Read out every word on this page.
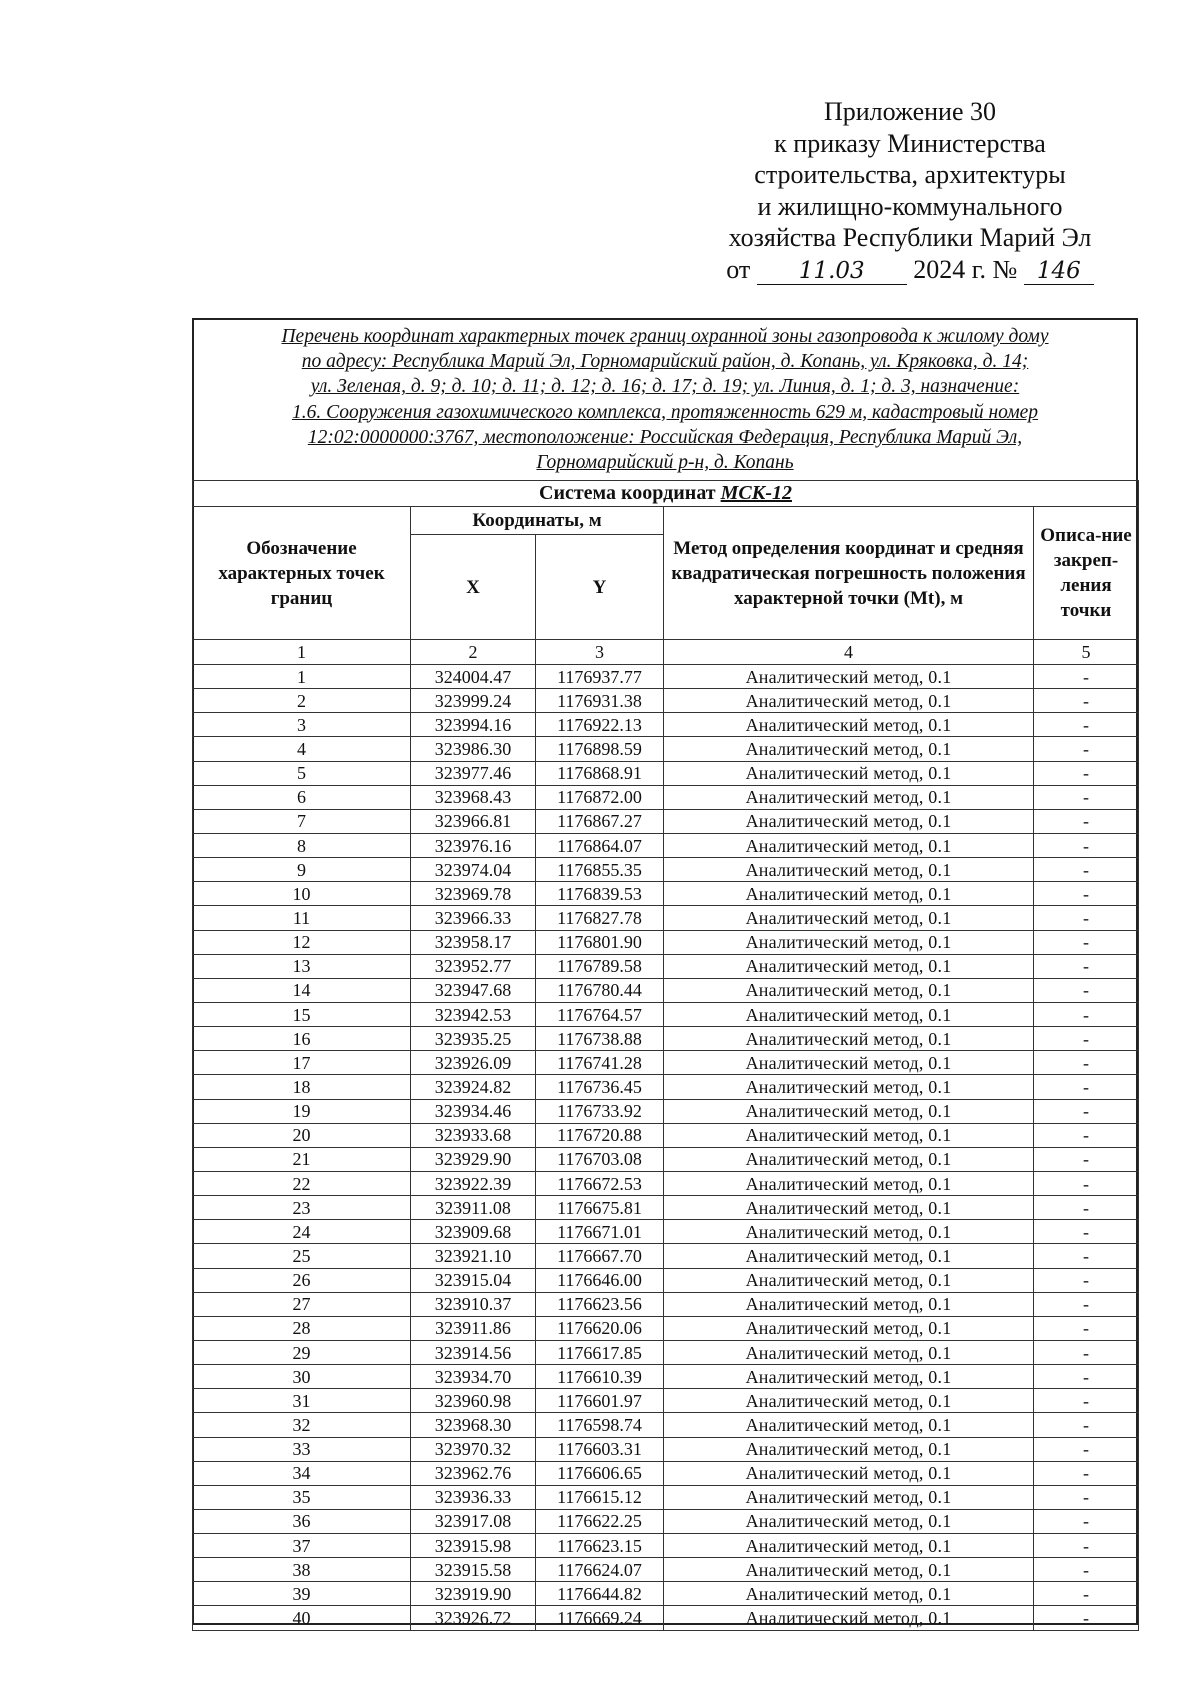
Приложение 30
к приказу Министерства
строительства, архитектуры
и жилищно-коммунального
хозяйства Республики Марий Эл
от 11.03 2024 г. № 146
Перечень координат характерных точек границ охранной зоны газопровода к жилому дому
по адресу: Республика Марий Эл, Горномарийский район, д. Копань, ул. Кряковка, д. 14;
ул. Зеленая, д. 9; д. 10; д. 11; д. 12; д. 16; д. 17; д. 19; ул. Линия, д. 1; д. 3, назначение:
1.6. Сооружения газохимического комплекса, протяженность 629 м, кадастровый номер
12:02:0000000:3767, местоположение: Российская Федерация, Республика Марий Эл,
Горномарийский р-н, д. Копань
Система координат МСК-12				
Обозначение характерных точек границ	Координаты, м		Метод определения координат и средняя квадратическая погрешность положения характерной точки (Mt), м	Описа-ние закреп-ления точки
	X	Y		
1	2	3	4	5
1	324004.47	1176937.77	Аналитический метод, 0.1	-
2	323999.24	1176931.38	Аналитический метод, 0.1	-
3	323994.16	1176922.13	Аналитический метод, 0.1	-
4	323986.30	1176898.59	Аналитический метод, 0.1	-
5	323977.46	1176868.91	Аналитический метод, 0.1	-
6	323968.43	1176872.00	Аналитический метод, 0.1	-
7	323966.81	1176867.27	Аналитический метод, 0.1	-
8	323976.16	1176864.07	Аналитический метод, 0.1	-
9	323974.04	1176855.35	Аналитический метод, 0.1	-
10	323969.78	1176839.53	Аналитический метод, 0.1	-
11	323966.33	1176827.78	Аналитический метод, 0.1	-
12	323958.17	1176801.90	Аналитический метод, 0.1	-
13	323952.77	1176789.58	Аналитический метод, 0.1	-
14	323947.68	1176780.44	Аналитический метод, 0.1	-
15	323942.53	1176764.57	Аналитический метод, 0.1	-
16	323935.25	1176738.88	Аналитический метод, 0.1	-
17	323926.09	1176741.28	Аналитический метод, 0.1	-
18	323924.82	1176736.45	Аналитический метод, 0.1	-
19	323934.46	1176733.92	Аналитический метод, 0.1	-
20	323933.68	1176720.88	Аналитический метод, 0.1	-
21	323929.90	1176703.08	Аналитический метод, 0.1	-
22	323922.39	1176672.53	Аналитический метод, 0.1	-
23	323911.08	1176675.81	Аналитический метод, 0.1	-
24	323909.68	1176671.01	Аналитический метод, 0.1	-
25	323921.10	1176667.70	Аналитический метод, 0.1	-
26	323915.04	1176646.00	Аналитический метод, 0.1	-
27	323910.37	1176623.56	Аналитический метод, 0.1	-
28	323911.86	1176620.06	Аналитический метод, 0.1	-
29	323914.56	1176617.85	Аналитический метод, 0.1	-
30	323934.70	1176610.39	Аналитический метод, 0.1	-
31	323960.98	1176601.97	Аналитический метод, 0.1	-
32	323968.30	1176598.74	Аналитический метод, 0.1	-
33	323970.32	1176603.31	Аналитический метод, 0.1	-
34	323962.76	1176606.65	Аналитический метод, 0.1	-
35	323936.33	1176615.12	Аналитический метод, 0.1	-
36	323917.08	1176622.25	Аналитический метод, 0.1	-
37	323915.98	1176623.15	Аналитический метод, 0.1	-
38	323915.58	1176624.07	Аналитический метод, 0.1	-
39	323919.90	1176644.82	Аналитический метод, 0.1	-
40	323926.72	1176669.24	Аналитический метод, 0.1	-
